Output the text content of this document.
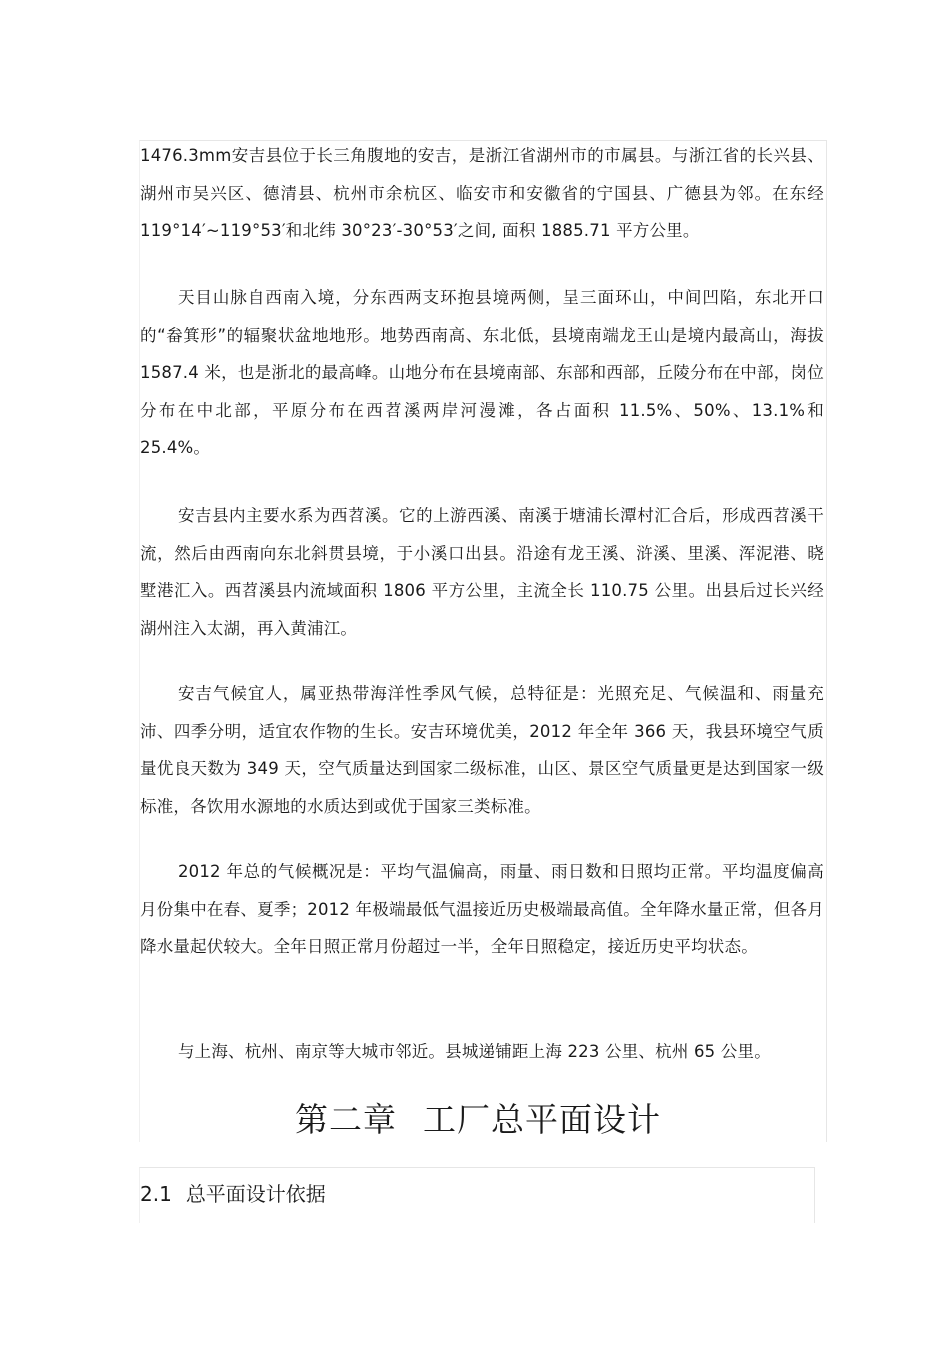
1476.3mm安吉县位于长三角腹地的安吉，是浙江省湖州市的市属县。与浙江省的长兴县、湖州市吴兴区、德清县、杭州市余杭区、临安市和安徽省的宁国县、广德县为邻。在东经 119°14′~119°53′和北纬 30°23′-30°53′之间, 面积 1885.71 平方公里。

天目山脉自西南入境，分东西两支环抱县境两侧，呈三面环山，中间凹陷，东北开口的“畚箕形”的辐聚状盆地地形。地势西南高、东北低，县境南端龙王山是境内最高山，海拔 1587.4 米，也是浙北的最高峰。山地分布在县境南部、东部和西部，丘陵分布在中部，岗位分布在中北部，平原分布在西苕溪两岸河漫滩，各占面积 11.5%、50%、13.1%和 25.4%。

安吉县内主要水系为西苕溪。它的上游西溪、南溪于塘浦长潭村汇合后，形成西苕溪干流，然后由西南向东北斜贯县境，于小溪口出县。沿途有龙王溪、浒溪、里溪、浑泥港、晓墅港汇入。西苕溪县内流域面积 1806 平方公里，主流全长 110.75 公里。出县后过长兴经湖州注入太湖，再入黄浦江。

安吉气候宜人，属亚热带海洋性季风气候，总特征是：光照充足、气候温和、雨量充沛、四季分明，适宜农作物的生长。安吉环境优美，2012 年全年 366 天，我县环境空气质量优良天数为 349 天，空气质量达到国家二级标准，山区、景区空气质量更是达到国家一级标准，各饮用水源地的水质达到或优于国家三类标准。

2012 年总的气候概况是：平均气温偏高，雨量、雨日数和日照均正常。平均温度偏高月份集中在春、夏季；2012 年极端最低气温接近历史极端最高值。全年降水量正常，但各月降水量起伏较大。全年日照正常月份超过一半，全年日照稳定，接近历史平均状态。

与上海、杭州、南京等大城市邻近。县城递铺距上海 223 公里、杭州 65 公里。

第二章 工厂总平面设计
2.1 总平面设计依据
